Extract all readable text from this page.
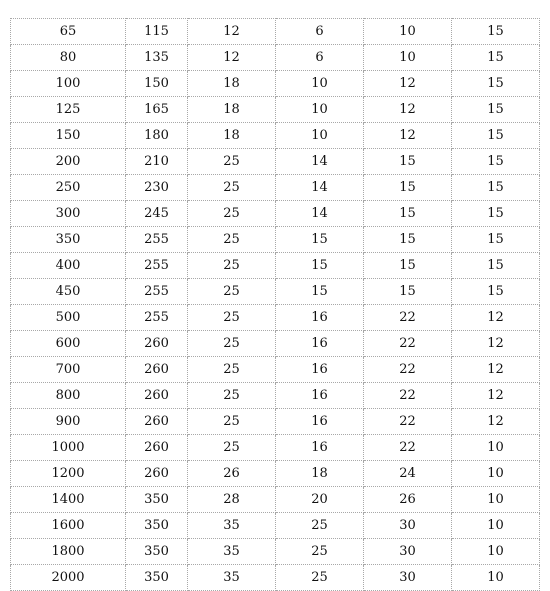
65	115	12	6	10	15
80	135	12	6	10	15
100	150	18	10	12	15
125	165	18	10	12	15
150	180	18	10	12	15
200	210	25	14	15	15
250	230	25	14	15	15
300	245	25	14	15	15
350	255	25	15	15	15
400	255	25	15	15	15
450	255	25	15	15	15
500	255	25	16	22	12
600	260	25	16	22	12
700	260	25	16	22	12
800	260	25	16	22	12
900	260	25	16	22	12
1000	260	25	16	22	10
1200	260	26	18	24	10
1400	350	28	20	26	10
1600	350	35	25	30	10
1800	350	35	25	30	10
2000	350	35	25	30	10
